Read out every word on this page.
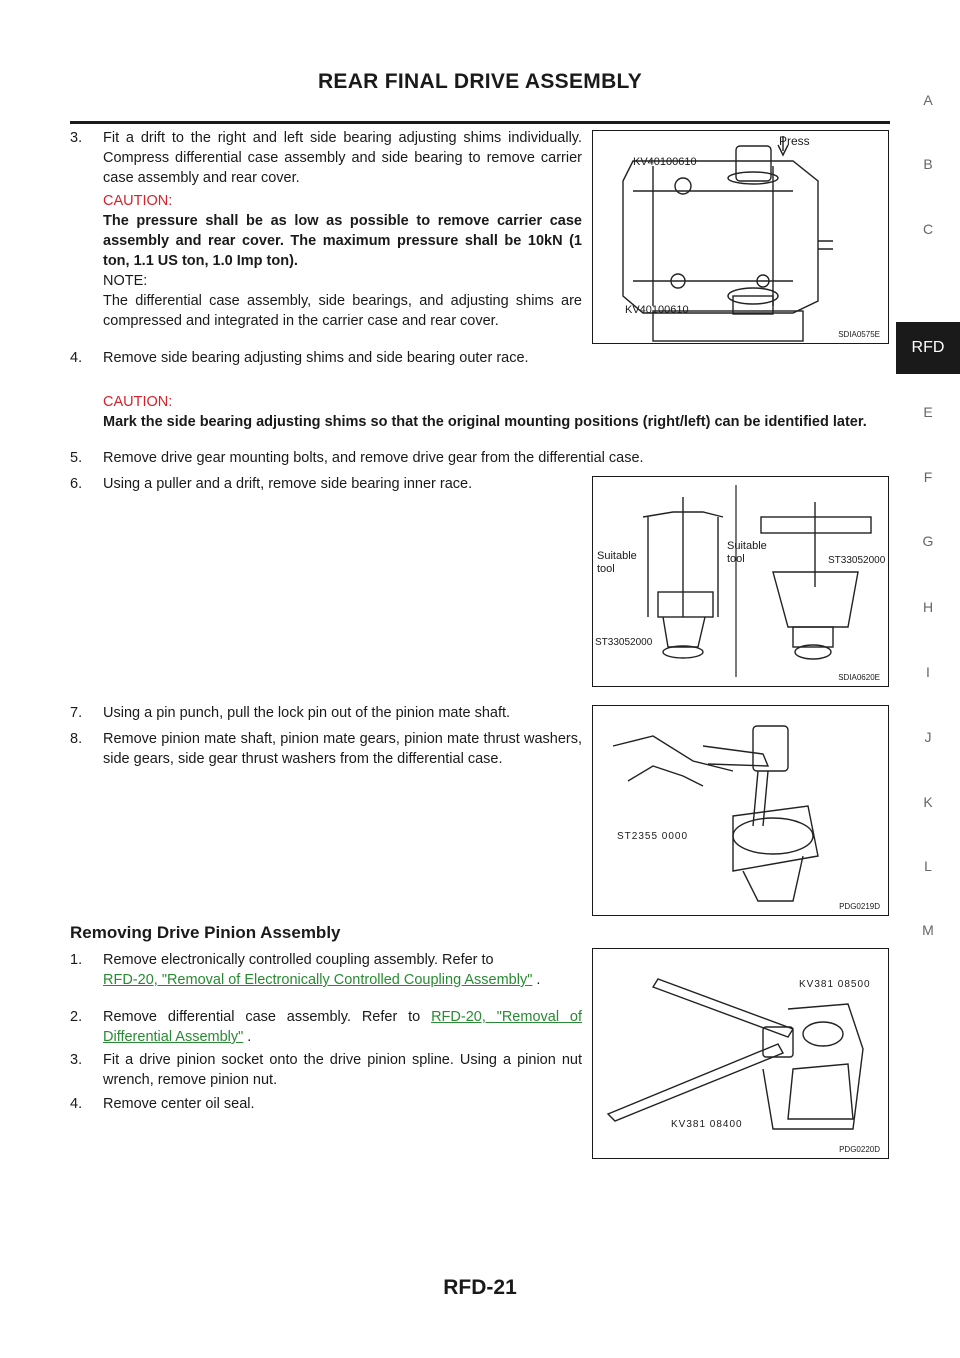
REAR FINAL DRIVE ASSEMBLY
A
B
C
RFD
E
F
G
H
I
J
K
L
M
3.	Fit a drift to the right and left side bearing adjusting shims individually. Compress differential case assembly and side bearing to remove carrier case assembly and rear cover.
CAUTION:
The pressure shall be as low as possible to remove carrier case assembly and rear cover. The maximum pressure shall be 10kN (1 ton, 1.1 US ton, 1.0 Imp ton).
NOTE:
The differential case assembly, side bearings, and adjusting shims are compressed and integrated in the carrier case and rear cover.
4.	Remove side bearing adjusting shims and side bearing outer race.
CAUTION:
Mark the side bearing adjusting shims so that the original mounting positions (right/left) can be identified later.
5.	Remove drive gear mounting bolts, and remove drive gear from the differential case.
6.	Using a puller and a drift, remove side bearing inner race.
7.	Using a pin punch, pull the lock pin out of the pinion mate shaft.
8.	Remove pinion mate shaft, pinion mate gears, pinion mate thrust washers, side gears, side gear thrust washers from the differential case.
Removing Drive Pinion Assembly
1.	Remove electronically controlled coupling assembly. Refer to
RFD-20, "Removal of Electronically Controlled Coupling Assembly" .
2.	Remove differential case assembly. Refer to RFD-20, "Removal of Differential Assembly" .
3.	Fit a drive pinion socket onto the drive pinion spline. Using a pinion nut wrench, remove pinion nut.
4.	Remove center oil seal.
Press
KV40100610
KV40100610
SDIA0575E
Suitable tool
Suitable tool	ST33052000
ST33052000
SDIA0620E
ST2355 0000
PDG0219D
KV381 08500
KV381 08400
PDG0220D
RFD-21
